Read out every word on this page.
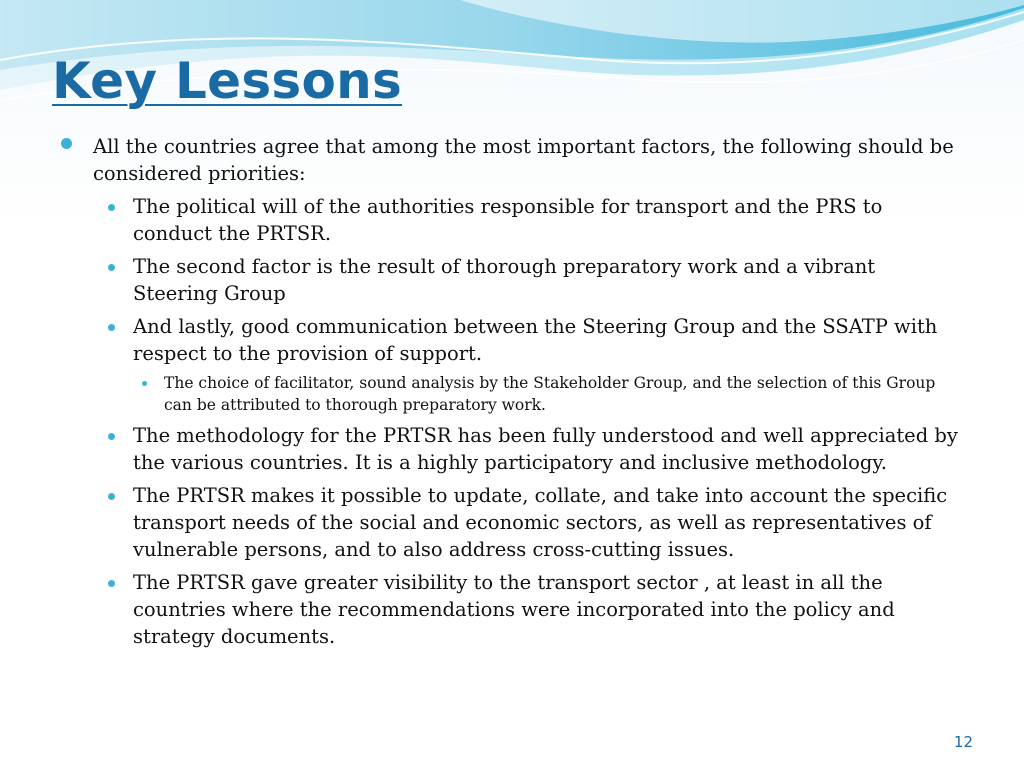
Key Lessons
All the countries agree that among the most important factors, the following should be considered priorities:
The political will of the authorities responsible for transport and the PRS to conduct the PRTSR.
The second factor is the result of thorough preparatory work and a vibrant Steering Group
And lastly, good communication between the Steering Group and the SSATP with respect to the provision of support.
The choice of facilitator, sound analysis by the Stakeholder Group, and the selection of this Group can be attributed to thorough preparatory work.
The methodology for the PRTSR has been fully understood and well appreciated by the various countries. It is a highly participatory and inclusive methodology.
The PRTSR makes it possible to update, collate, and take into account the specific transport needs of the social and economic sectors, as well as representatives of vulnerable persons, and to also address cross-cutting issues.
The PRTSR gave greater visibility to the transport sector , at least in all the countries where the recommendations were incorporated into the policy and strategy documents.
12
